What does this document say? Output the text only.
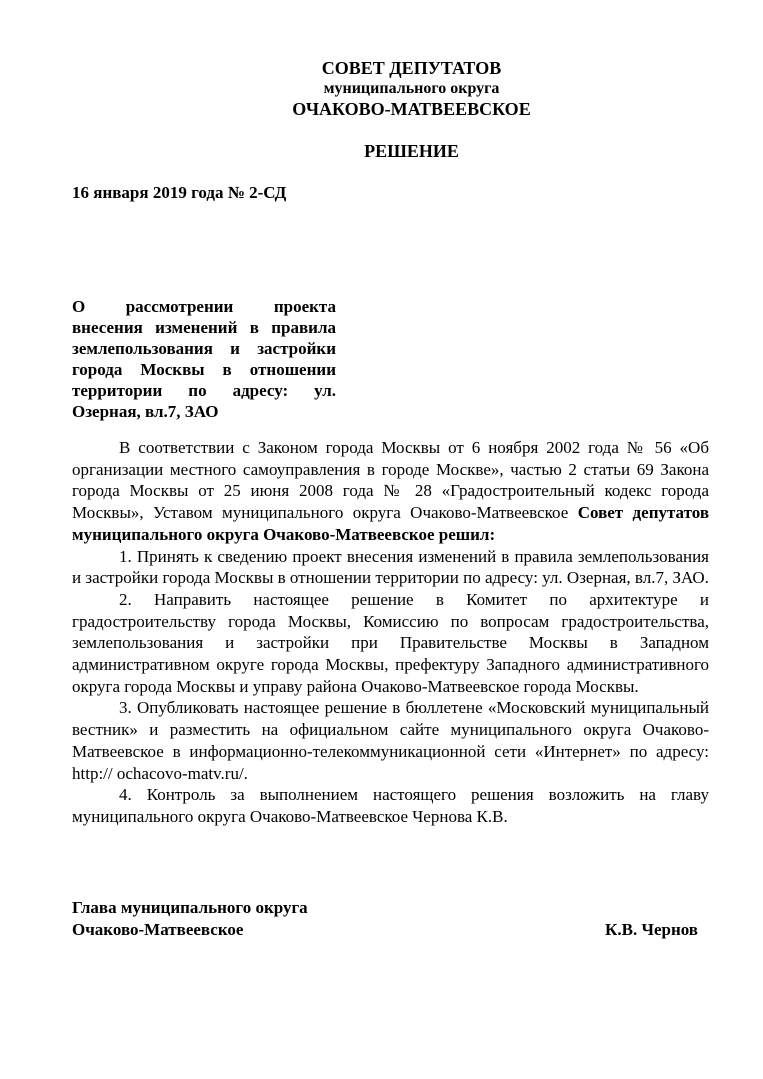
СОВЕТ ДЕПУТАТОВ
муниципального округа
ОЧАКОВО-МАТВЕЕВСКОЕ
РЕШЕНИЕ
16 января 2019 года № 2-СД
О рассмотрении проекта внесения изменений в правила землепользования и застройки города Москвы в отношении территории по адресу: ул. Озерная, вл.7, ЗАО

В соответствии с Законом города Москвы от 6 ноября 2002 года № 56 «Об организации местного самоуправления в городе Москве», частью 2 статьи 69 Закона города Москвы от 25 июня 2008 года № 28 «Градостроительный кодекс города Москвы», Уставом муниципального округа Очаково-Матвеевское Совет депутатов муниципального округа Очаково-Матвеевское решил:

1. Принять к сведению проект внесения изменений в правила землепользования и застройки города Москвы в отношении территории по адресу: ул. Озерная, вл.7, ЗАО.

2. Направить настоящее решение в Комитет по архитектуре и градостроительству города Москвы, Комиссию по вопросам градостроительства, землепользования и застройки при Правительстве Москвы в Западном административном округе города Москвы, префектуру Западного административного округа города Москвы и управу района Очаково-Матвеевское города Москвы.

3. Опубликовать настоящее решение в бюллетене «Московский муниципальный вестник» и разместить на официальном сайте муниципального округа Очаково-Матвеевское в информационно-телекоммуникационной сети «Интернет» по адресу: http:// ochacovo-matv.ru/.

4. Контроль за выполнением настоящего решения возложить на главу муниципального округа Очаково-Матвеевское Чернова К.В.

Глава муниципального округа
Очаково-Матвеевское	К.В. Чернов
